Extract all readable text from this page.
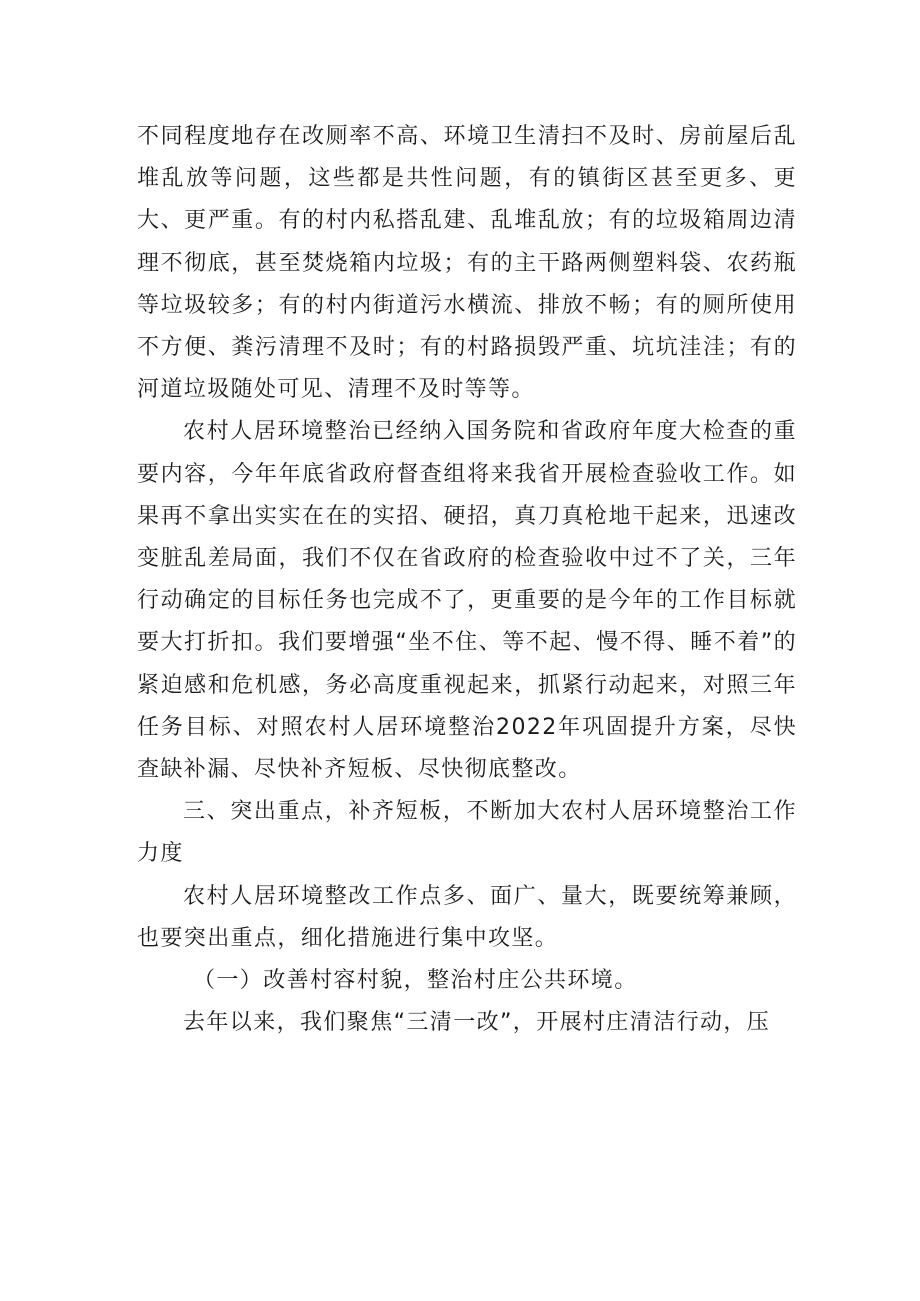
不同程度地存在改厕率不高、环境卫生清扫不及时、房前屋后乱堆乱放等问题，这些都是共性问题，有的镇街区甚至更多、更大、更严重。有的村内私搭乱建、乱堆乱放；有的垃圾箱周边清理不彻底，甚至焚烧箱内垃圾；有的主干路两侧塑料袋、农药瓶等垃圾较多；有的村内街道污水横流、排放不畅；有的厕所使用不方便、粪污清理不及时；有的村路损毁严重、坑坑洼洼；有的河道垃圾随处可见、清理不及时等等。

农村人居环境整治已经纳入国务院和省政府年度大检查的重要内容，今年年底省政府督查组将来我省开展检查验收工作。如果再不拿出实实在在的实招、硬招，真刀真枪地干起来，迅速改变脏乱差局面，我们不仅在省政府的检查验收中过不了关，三年行动确定的目标任务也完成不了，更重要的是今年的工作目标就要大打折扣。我们要增强“坐不住、等不起、慢不得、睡不着”的紧迫感和危机感，务必高度重视起来，抓紧行动起来，对照三年任务目标、对照农村人居环境整治2022年巩固提升方案，尽快查缺补漏、尽快补齐短板、尽快彻底整改。

三、突出重点，补齐短板，不断加大农村人居环境整治工作力度

农村人居环境整改工作点多、面广、量大，既要统筹兼顾，也要突出重点，细化措施进行集中攻坚。

（一）改善村容村貌，整治村庄公共环境。

去年以来，我们聚焦“三清一改”，开展村庄清洁行动，压
